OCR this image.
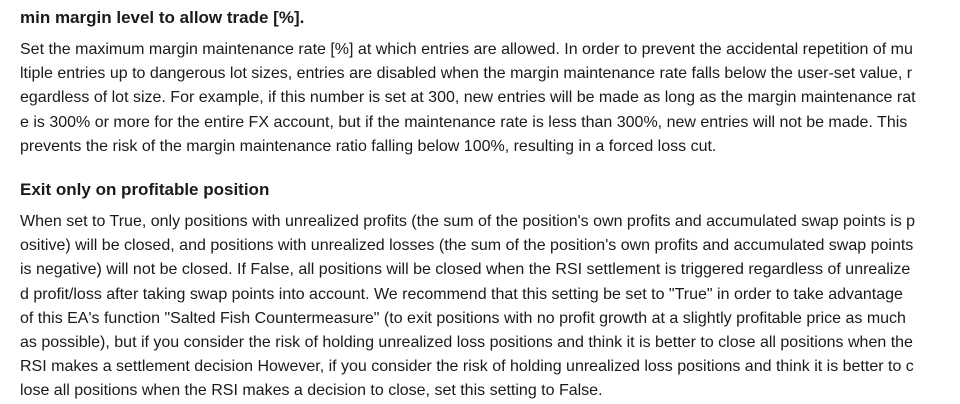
min margin level to allow trade [%].

Set the maximum margin maintenance rate [%] at which entries are allowed. In order to prevent the accidental repetition of mu
ltiple entries up to dangerous lot sizes, entries are disabled when the margin maintenance rate falls below the user-set value, r
egardless of lot size. For example, if this number is set at 300, new entries will be made as long as the margin maintenance rat
e is 300% or more for the entire FX account, but if the maintenance rate is less than 300%, new entries will not be made. This
prevents the risk of the margin maintenance ratio falling below 100%, resulting in a forced loss cut.

Exit only on profitable position

When set to True, only positions with unrealized profits (the sum of the position's own profits and accumulated swap points is p
ositive) will be closed, and positions with unrealized losses (the sum of the position's own profits and accumulated swap points
is negative) will not be closed. If False, all positions will be closed when the RSI settlement is triggered regardless of unrealize
d profit/loss after taking swap points into account. We recommend that this setting be set to "True" in order to take advantage
of this EA's function "Salted Fish Countermeasure" (to exit positions with no profit growth at a slightly profitable price as much
as possible), but if you consider the risk of holding unrealized loss positions and think it is better to close all positions when the
RSI makes a settlement decision However, if you consider the risk of holding unrealized loss positions and think it is better to c
lose all positions when the RSI makes a decision to close, set this setting to False.
